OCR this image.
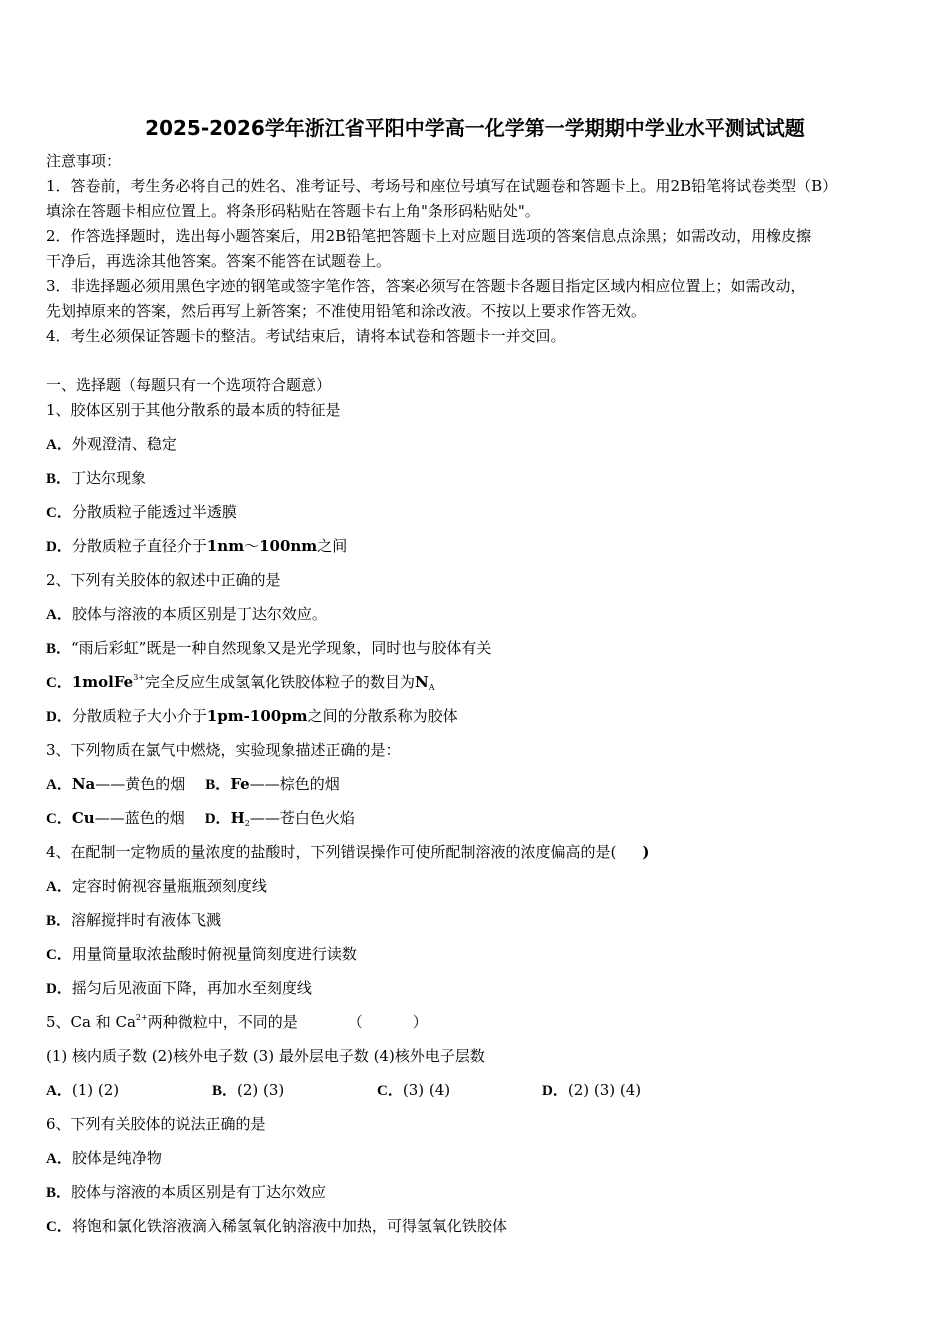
2025-2026学年浙江省平阳中学高一化学第一学期期中学业水平测试试题
注意事项：
1．答卷前，考生务必将自己的姓名、准考证号、考场号和座位号填写在试题卷和答题卡上。用2B铅笔将试卷类型（B）
填涂在答题卡相应位置上。将条形码粘贴在答题卡右上角"条形码粘贴处"。
2．作答选择题时，选出每小题答案后，用2B铅笔把答题卡上对应题目选项的答案信息点涂黑；如需改动，用橡皮擦
干净后，再选涂其他答案。答案不能答在试题卷上。
3．非选择题必须用黑色字迹的钢笔或签字笔作答，答案必须写在答题卡各题目指定区域内相应位置上；如需改动，
先划掉原来的答案，然后再写上新答案；不准使用铅笔和涂改液。不按以上要求作答无效。
4．考生必须保证答题卡的整洁。考试结束后，请将本试卷和答题卡一并交回。
一、选择题（每题只有一个选项符合题意）
1、胶体区别于其他分散系的最本质的特征是
A．外观澄清、稳定
B．丁达尔现象
C．分散质粒子能透过半透膜
D．分散质粒子直径介于1nm～100nm之间
2、下列有关胶体的叙述中正确的是
A．胶体与溶液的本质区别是丁达尔效应。
B．“雨后彩虹”既是一种自然现象又是光学现象，同时也与胶体有关
C．1molFe$^{3+}$完全反应生成氢氧化铁胶体粒子的数目为$N_A$
D．分散质粒子大小介于1pm-100pm之间的分散系称为胶体
3、下列物质在氯气中燃烧，实验现象描述正确的是：
A．Na——黄色的烟 B．Fe——棕色的烟
C．Cu——蓝色的烟 D．$H_2——$苍白色火焰
4、在配制一定物质的量浓度的盐酸时，下列错误操作可使所配制溶液的浓度偏高的是( )
A．定容时俯视容量瓶瓶颈刻度线
B．溶解搅拌时有液体飞溅
C．用量筒量取浓盐酸时俯视量筒刻度进行读数
D．摇匀后见液面下降，再加水至刻度线
5、Ca 和 $Ca^{2+}$两种微粒中，不同的是	（	）
(1) 核内质子数 (2)核外电子数 (3) 最外层电子数 (4)核外电子层数
A．(1) (2)	B．(2) (3)	C．(3) (4)	D．(2) (3) (4)
6、下列有关胶体的说法正确的是
A．胶体是纯净物
B．胶体与溶液的本质区别是有丁达尔效应
C．将饱和氯化铁溶液滴入稀氢氧化钠溶液中加热，可得氢氧化铁胶体
